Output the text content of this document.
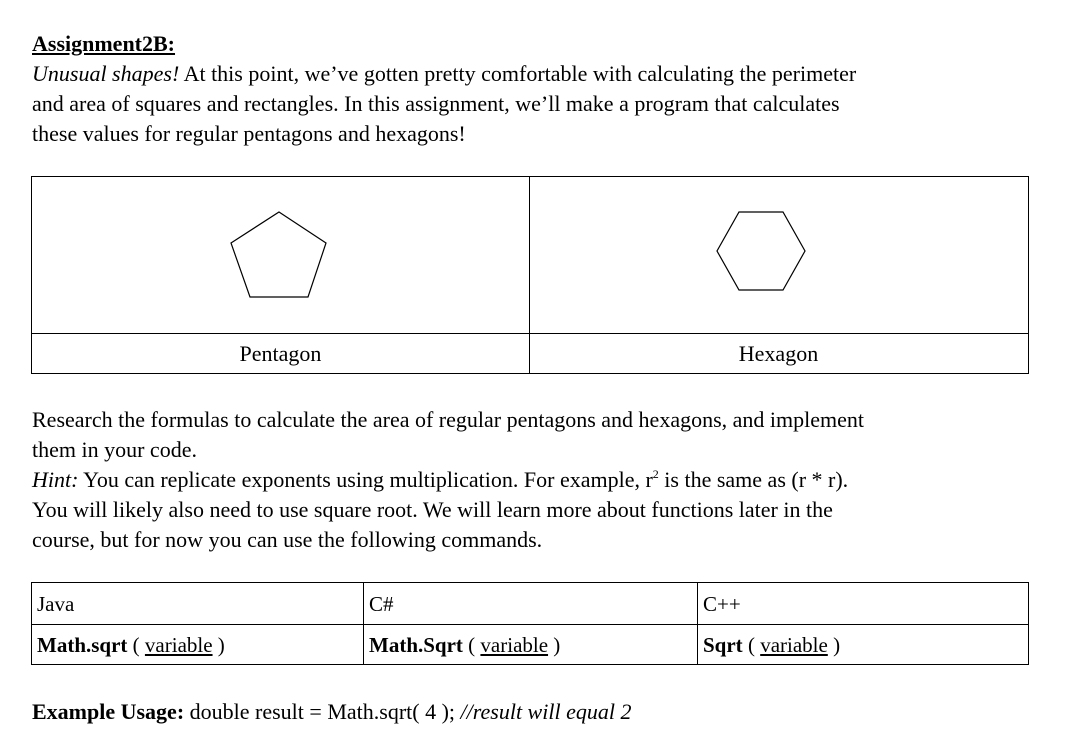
Assignment2B:
Unusual shapes! At this point, we’ve gotten pretty comfortable with calculating the perimeter
and area of squares and rectangles. In this assignment, we’ll make a program that calculates
these values for regular pentagons and hexagons!
Pentagon	Hexagon
Research the formulas to calculate the area of regular pentagons and hexagons, and implement
them in your code.
Hint: You can replicate exponents using multiplication. For example, $r^2$ is the same as (r * r).
You will likely also need to use square root. We will learn more about functions later in the
course, but for now you can use the following commands.
Java	C#	C++
Math.sqrt ( variable )	Math.Sqrt ( variable )	Sqrt ( variable )
Example Usage: double result = Math.sqrt( 4 ); //result will equal 2
